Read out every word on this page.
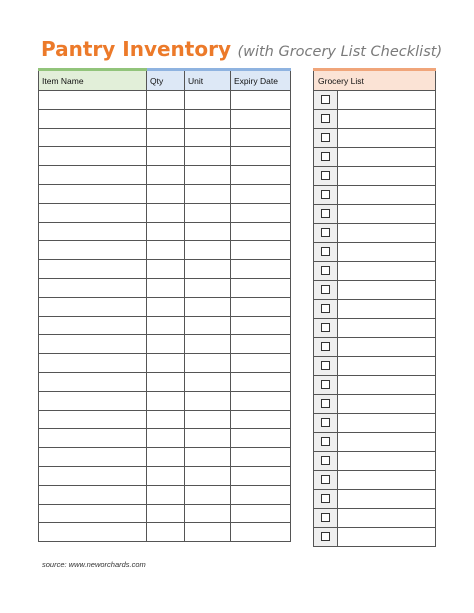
Pantry Inventory (with Grocery List Checklist)
Item Name	Qty	Unit	Expiry Date

				Grocery List	

source: www.neworchards.com
